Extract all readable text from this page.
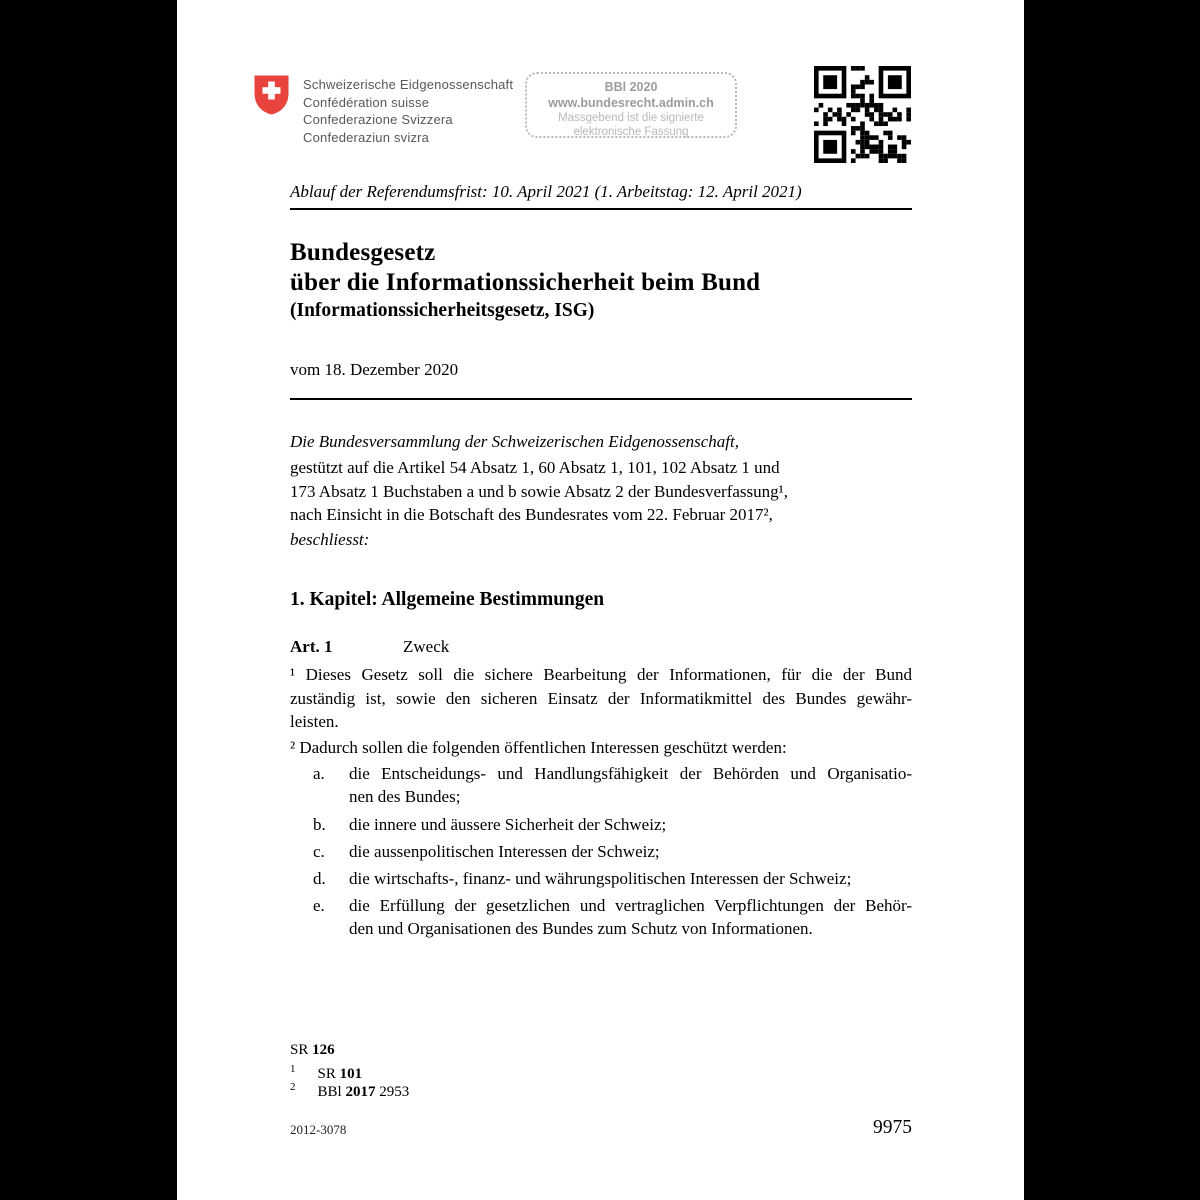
Schweizerische Eidgenossenschaft
Confédération suisse
Confederazione Svizzera
Confederaziun svizra
BBl 2020
www.bundesrecht.admin.ch
Massgebend ist die signierte
elektronische Fassung
Ablauf der Referendumsfrist: 10. April 2021 (1. Arbeitstag: 12. April 2021)
Bundesgesetz
über die Informationssicherheit beim Bund
(Informationssicherheitsgesetz, ISG)
vom 18. Dezember 2020
Die Bundesversammlung der Schweizerischen Eidgenossenschaft,
gestützt auf die Artikel 54 Absatz 1, 60 Absatz 1, 101, 102 Absatz 1 und
173 Absatz 1 Buchstaben a und b sowie Absatz 2 der Bundesverfassung¹,
nach Einsicht in die Botschaft des Bundesrates vom 22. Februar 2017²,
beschliesst:
1. Kapitel: Allgemeine Bestimmungen
Art. 1	Zweck
¹ Dieses Gesetz soll die sichere Bearbeitung der Informationen, für die der Bund
zuständig ist, sowie den sicheren Einsatz der Informatikmittel des Bundes gewähr-
leisten.
² Dadurch sollen die folgenden öffentlichen Interessen geschützt werden:
a. die Entscheidungs- und Handlungsfähigkeit der Behörden und Organisatio-
nen des Bundes;
b. die innere und äussere Sicherheit der Schweiz;
c. die aussenpolitischen Interessen der Schweiz;
d. die wirtschafts-, finanz- und währungspolitischen Interessen der Schweiz;
e. die Erfüllung der gesetzlichen und vertraglichen Verpflichtungen der Behör-
den und Organisationen des Bundes zum Schutz von Informationen.
SR 126
$^1$ SR 101
$^2$ BBl 2017 2953
2012-3078	9975
